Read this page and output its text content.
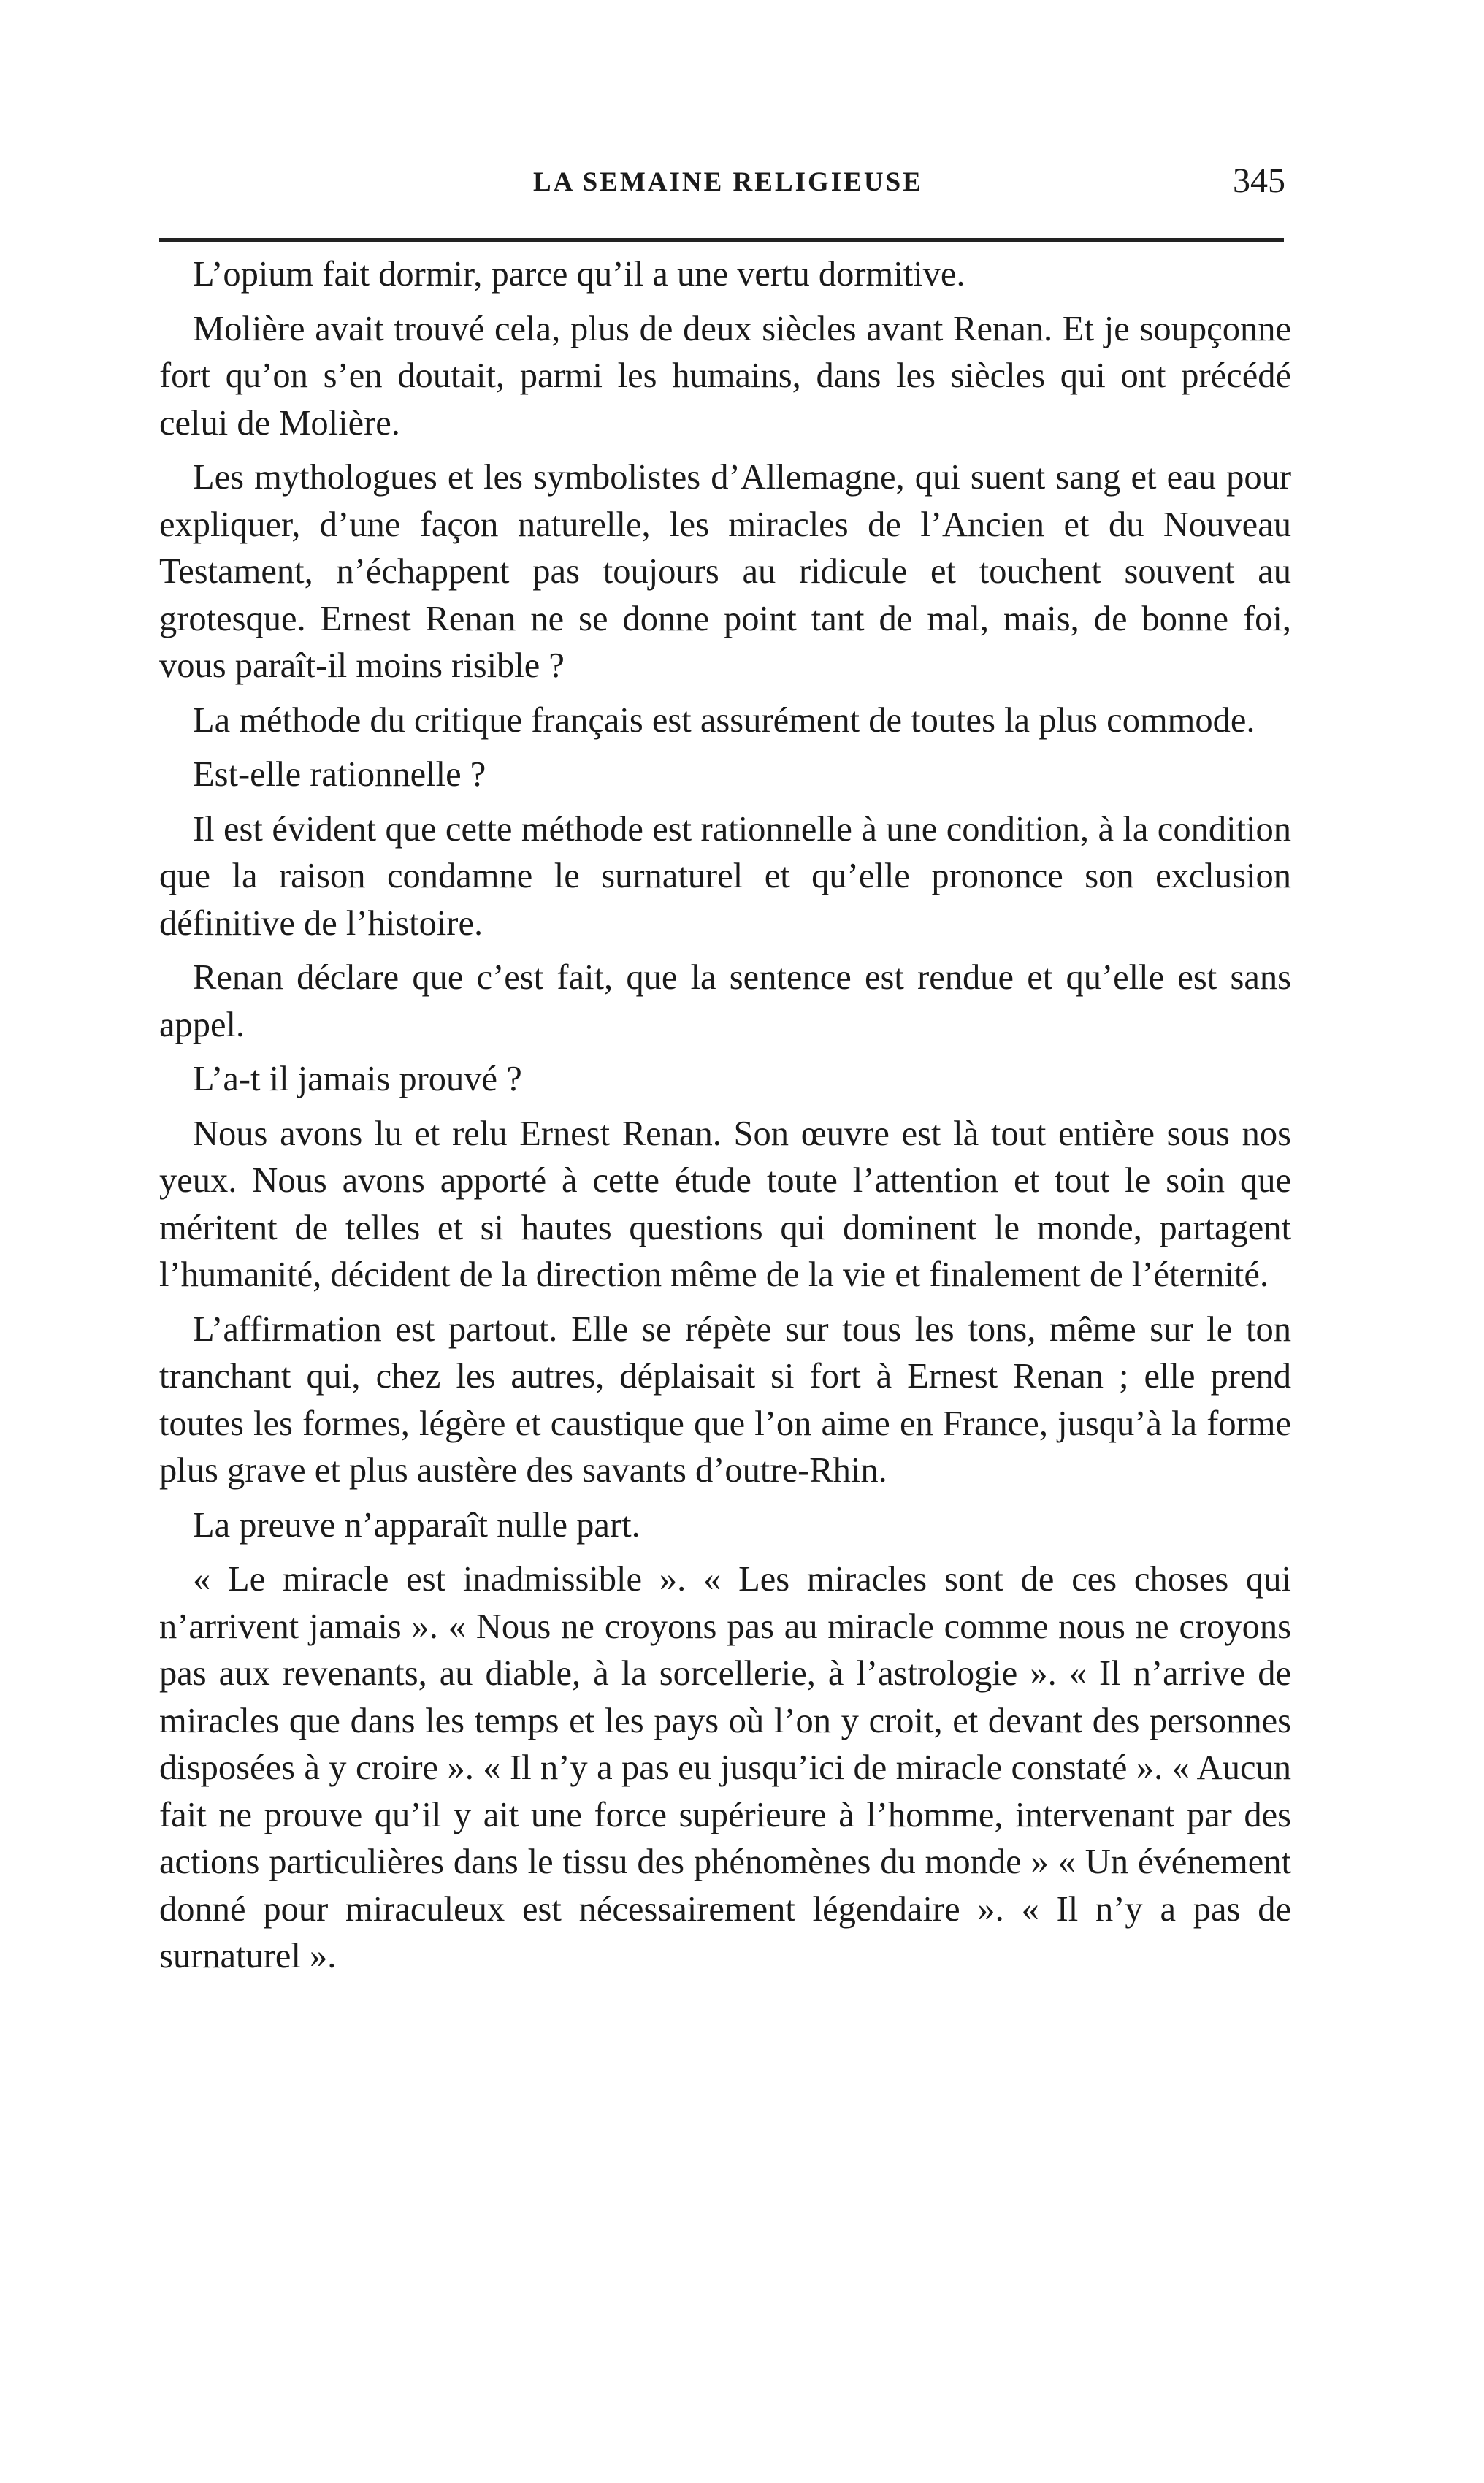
LA SEMAINE RELIGIEUSE	345

L’opium fait dormir, parce qu’il a une vertu dormitive.

Molière avait trouvé cela, plus de deux siècles avant Renan. Et je soupçonne fort qu’on s’en doutait, parmi les humains, dans les siècles qui ont précédé celui de Molière.

Les mythologues et les symbolistes d’Allemagne, qui suent sang et eau pour expliquer, d’une façon naturelle, les miracles de l’Ancien et du Nouveau Testament, n’échappent pas toujours au ridicule et touchent souvent au grotesque. Ernest Renan ne se donne point tant de mal, mais, de bonne foi, vous paraît-il moins risible ?

La méthode du critique français est assurément de toutes la plus commode.

Est-elle rationnelle ?

Il est évident que cette méthode est rationnelle à une condition, à la condition que la raison condamne le surnaturel et qu’elle prononce son exclusion définitive de l’histoire.

Renan déclare que c’est fait, que la sentence est rendue et qu’elle est sans appel.

L’a-t il jamais prouvé ?

Nous avons lu et relu Ernest Renan. Son œuvre est là tout entière sous nos yeux. Nous avons apporté à cette étude toute l’attention et tout le soin que méritent de telles et si hautes questions qui dominent le monde, partagent l’humanité, décident de la direction même de la vie et finalement de l’éternité.

L’affirmation est partout. Elle se répète sur tous les tons, même sur le ton tranchant qui, chez les autres, déplaisait si fort à Ernest Renan ; elle prend toutes les formes, légère et caustique que l’on aime en France, jusqu’à la forme plus grave et plus austère des savants d’outre-Rhin.

La preuve n’apparaît nulle part.

« Le miracle est inadmissible ». « Les miracles sont de ces choses qui n’arrivent jamais ». « Nous ne croyons pas au miracle comme nous ne croyons pas aux revenants, au diable, à la sorcellerie, à l’astrologie ». « Il n’arrive de miracles que dans les temps et les pays où l’on y croit, et devant des personnes disposées à y croire ». « Il n’y a pas eu jusqu’ici de miracle constaté ». « Aucun fait ne prouve qu’il y ait une force supérieure à l’homme, intervenant par des actions particulières dans le tissu des phénomènes du monde » « Un événement donné pour miraculeux est nécessairement légendaire ». « Il n’y a pas de surnaturel ».
